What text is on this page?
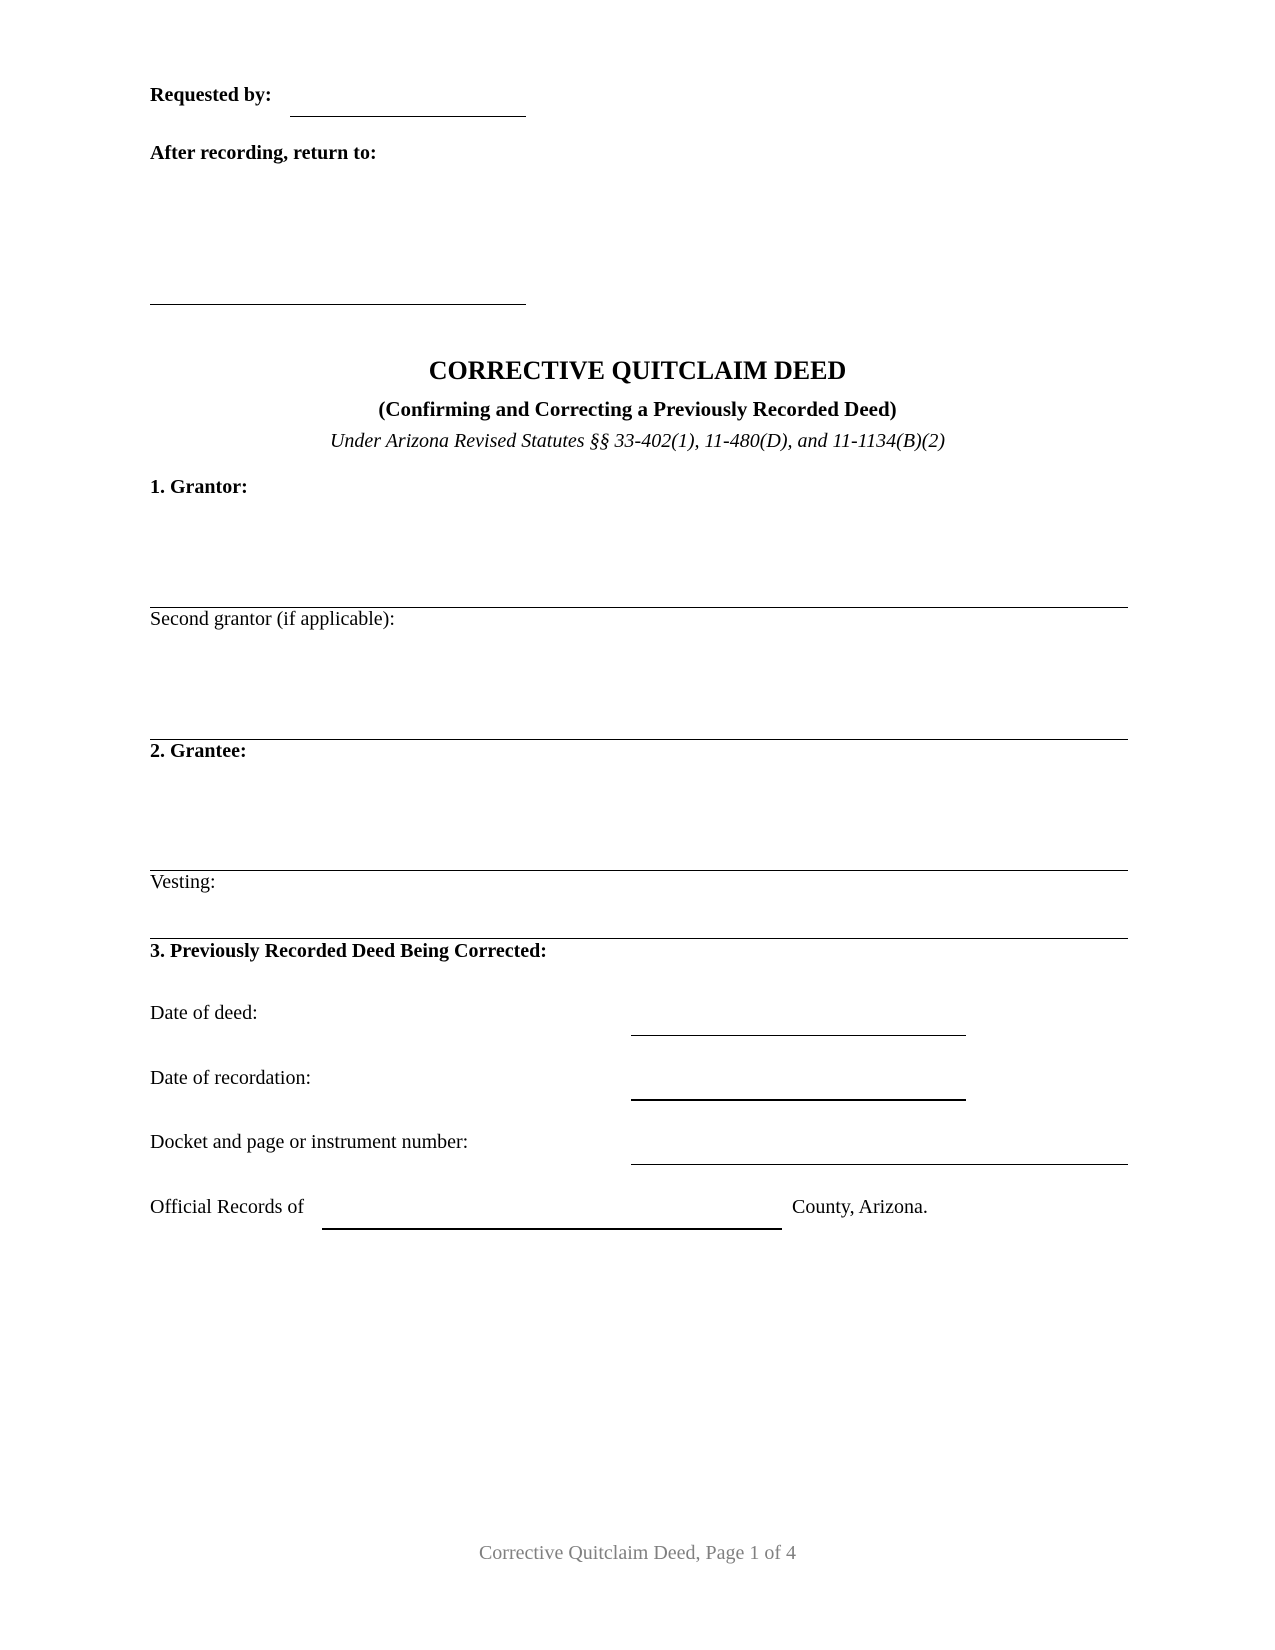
Requested by:
After recording, return to:
CORRECTIVE QUITCLAIM DEED
(Confirming and Correcting a Previously Recorded Deed)
Under Arizona Revised Statutes §§ 33-402(1), 11-480(D), and 11-1134(B)(2)
1. Grantor:
Second grantor (if applicable):
2. Grantee:
Vesting:
3. Previously Recorded Deed Being Corrected:
Date of deed:
Date of recordation:
Docket and page or instrument number:
Official Records of	County, Arizona.
Corrective Quitclaim Deed, Page 1 of 4
